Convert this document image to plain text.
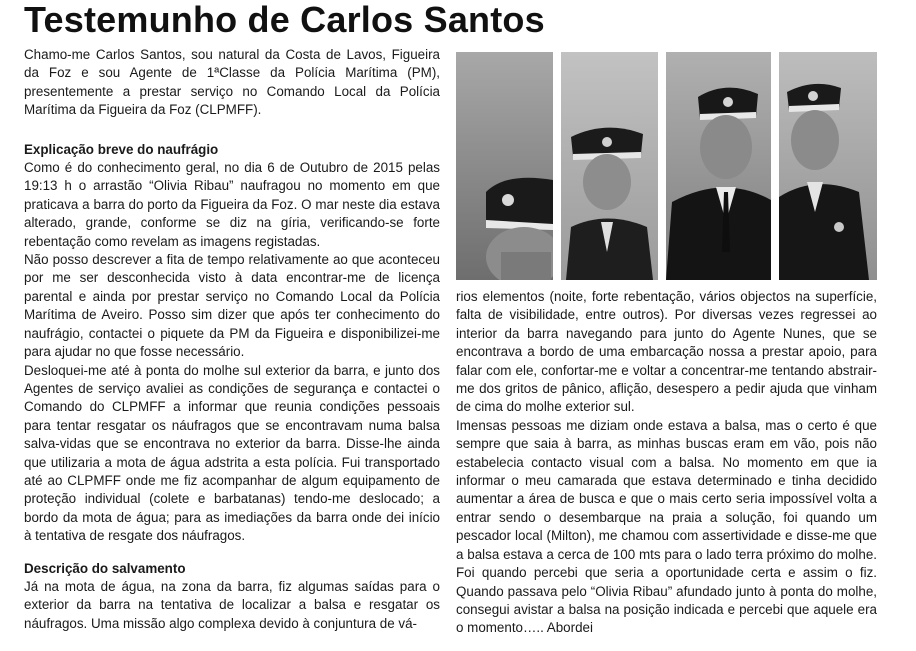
Testemunho de Carlos Santos

Chamo-me Carlos Santos, sou natural da Costa de Lavos, Figueira da Foz e sou Agente de 1ªClasse da Polícia Marítima (PM), presentemente a prestar serviço no Comando Local da Polícia Marítima da Figueira da Foz (CLPMFF).

Explicação breve do naufrágio

Como é do conhecimento geral, no dia 6 de Outubro de 2015 pelas 19:13 h o arrastão “Olivia Ribau” naufragou no momento em que praticava a barra do porto da Figueira da Foz. O mar neste dia estava alterado, grande, conforme se diz na gíria, verificando-se forte rebentação como revelam as imagens registadas.

Não posso descrever a fita de tempo relativamente ao que aconteceu por me ser desconhecida visto à data encontrar-me de licença parental e ainda por prestar serviço no Comando Local da Polícia Marítima de Aveiro. Posso sim dizer que após ter conhecimento do naufrágio, contactei o piquete da PM da Figueira e disponibilizei-me para ajudar no que fosse necessário.

Desloquei-me até à ponta do molhe sul exterior da barra, e junto dos Agentes de serviço avaliei as condições de segurança e contactei o Comando do CLPMFF a informar que reunia condições pessoais para tentar resgatar os náufragos que se encontravam numa balsa salva-vidas que se encontrava no exterior da barra. Disse-lhe ainda que utilizaria a mota de água adstrita a esta polícia. Fui transportado até ao CLPMFF onde me fiz acompanhar de algum equipamento de proteção individual (colete e barbatanas) tendo-me deslocado; a bordo da mota de água; para as imediações da barra onde dei início à tentativa de resgate dos náufragos.

Descrição do salvamento

Já na mota de água, na zona da barra, fiz algumas saídas para o exterior da barra na tentativa de localizar a balsa e resgatar os náufragos. Uma missão algo complexa devido à conjuntura de vá-

rios elementos (noite, forte rebentação, vários objectos na superfície, falta de visibilidade, entre outros). Por diversas vezes regressei ao interior da barra navegando para junto do Agente Nunes, que se encontrava a bordo de uma embarcação nossa a prestar apoio, para falar com ele, confortar-me e voltar a concentrar-me tentando abstrair-me dos gritos de pânico, aflição, desespero a pedir ajuda que vinham de cima do molhe exterior sul.

Imensas pessoas me diziam onde estava a balsa, mas o certo é que sempre que saia à barra, as minhas buscas eram em vão, pois não estabelecia contacto visual com a balsa. No momento em que ia informar o meu camarada que estava determinado e tinha decidido aumentar a área de busca e que o mais certo seria impossível volta a entrar sendo o desembarque na praia a solução, foi quando um pescador local (Milton), me chamou com assertividade e disse-me que a balsa estava a cerca de 100 mts para o lado terra próximo do molhe. Foi quando percebi que seria a oportunidade certa e assim o fiz. Quando passava pelo “Olivia Ribau” afundado junto à ponta do molhe, consegui avistar a balsa na posição indicada e percebi que aquele era o momento….. Abordei
